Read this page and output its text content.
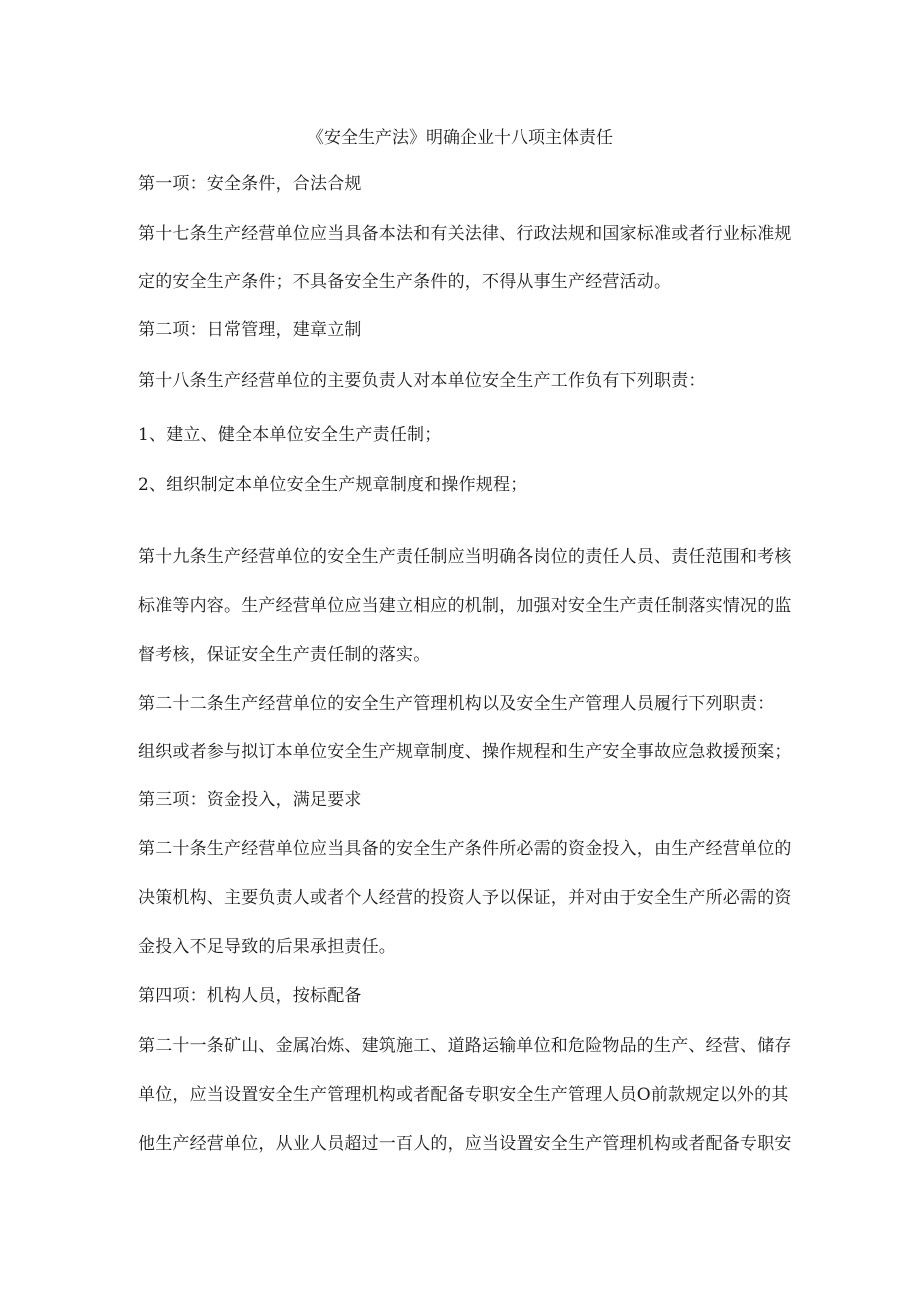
《安全生产法》明确企业十八项主体责任
第一项：安全条件，合法合规
第十七条生产经营单位应当具备本法和有关法律、行政法规和国家标准或者行业标准规
定的安全生产条件；不具备安全生产条件的，不得从事生产经营活动。
第二项：日常管理，建章立制
第十八条生产经营单位的主要负责人对本单位安全生产工作负有下列职责：
1、建立、健全本单位安全生产责任制；
2、组织制定本单位安全生产规章制度和操作规程；
第十九条生产经营单位的安全生产责任制应当明确各岗位的责任人员、责任范围和考核
标准等内容。生产经营单位应当建立相应的机制，加强对安全生产责任制落实情况的监
督考核，保证安全生产责任制的落实。
第二十二条生产经营单位的安全生产管理机构以及安全生产管理人员履行下列职责：
组织或者参与拟订本单位安全生产规章制度、操作规程和生产安全事故应急救援预案；
第三项：资金投入，满足要求
第二十条生产经营单位应当具备的安全生产条件所必需的资金投入，由生产经营单位的
决策机构、主要负责人或者个人经营的投资人予以保证，并对由于安全生产所必需的资
金投入不足导致的后果承担责任。
第四项：机构人员，按标配备
第二十一条矿山、金属冶炼、建筑施工、道路运输单位和危险物品的生产、经营、储存
单位，应当设置安全生产管理机构或者配备专职安全生产管理人员O前款规定以外的其
他生产经营单位，从业人员超过一百人的，应当设置安全生产管理机构或者配备专职安
